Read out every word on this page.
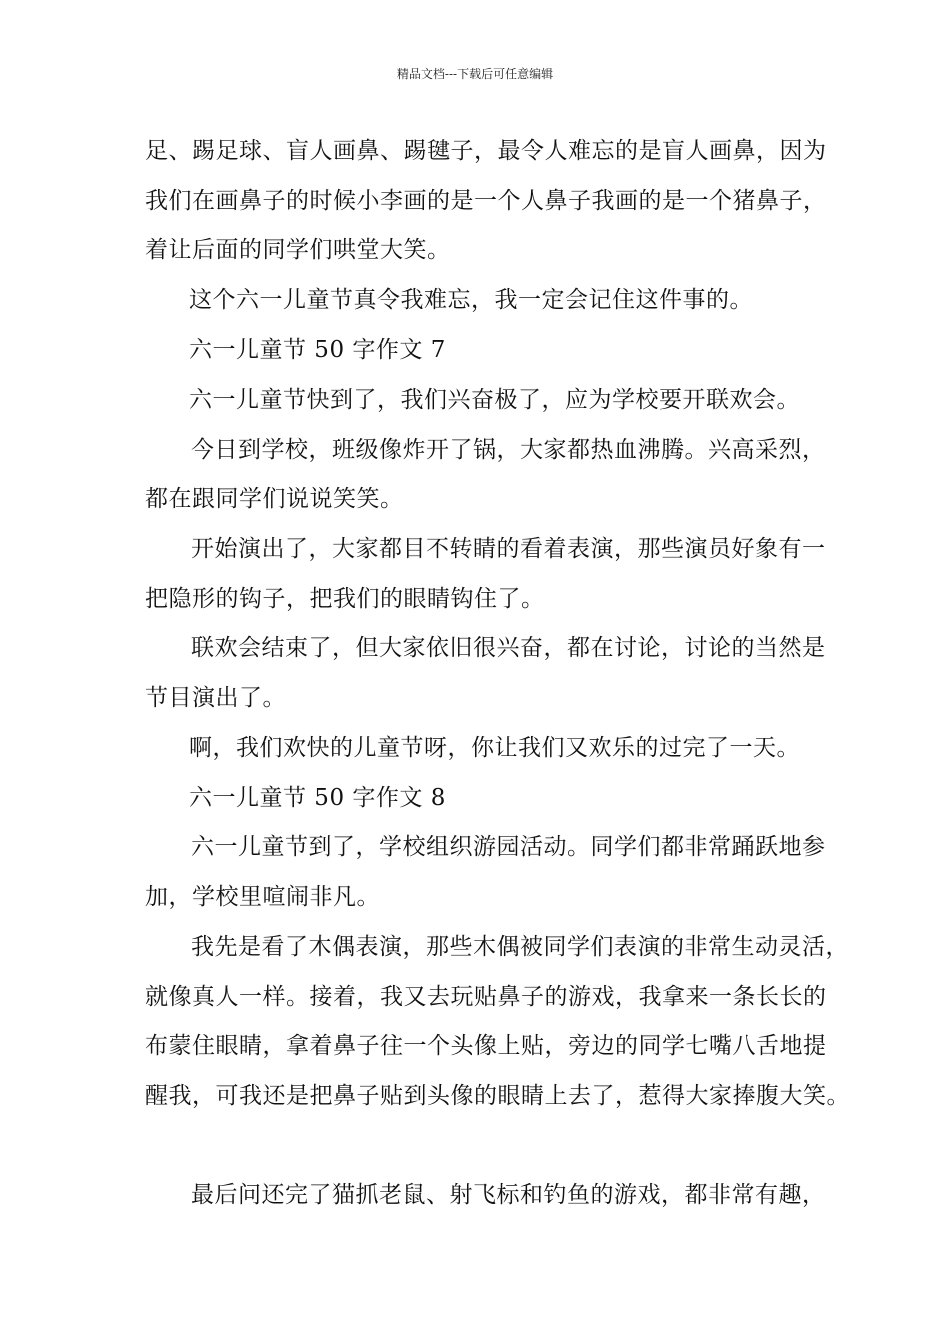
精品文档---下载后可任意编辑
足、踢足球、盲人画鼻、踢毽子，最令人难忘的是盲人画鼻，因为
我们在画鼻子的时候小李画的是一个人鼻子我画的是一个猪鼻子，
着让后面的同学们哄堂大笑。
这个六一儿童节真令我难忘，我一定会记住这件事的。
六一儿童节 50 字作文 7
六一儿童节快到了，我们兴奋极了，应为学校要开联欢会。
今日到学校，班级像炸开了锅，大家都热血沸腾。兴高采烈，
都在跟同学们说说笑笑。
开始演出了，大家都目不转睛的看着表演，那些演员好象有一
把隐形的钩子，把我们的眼睛钩住了。
联欢会结束了，但大家依旧很兴奋，都在讨论，讨论的当然是
节目演出了。
啊，我们欢快的儿童节呀，你让我们又欢乐的过完了一天。
六一儿童节 50 字作文 8
六一儿童节到了，学校组织游园活动。同学们都非常踊跃地参
加，学校里喧闹非凡。
我先是看了木偶表演，那些木偶被同学们表演的非常生动灵活，
就像真人一样。接着，我又去玩贴鼻子的游戏，我拿来一条长长的
布蒙住眼睛，拿着鼻子往一个头像上贴，旁边的同学七嘴八舌地提
醒我，可我还是把鼻子贴到头像的眼睛上去了，惹得大家捧腹大笑。
最后问还完了猫抓老鼠、射飞标和钓鱼的游戏，都非常有趣，
